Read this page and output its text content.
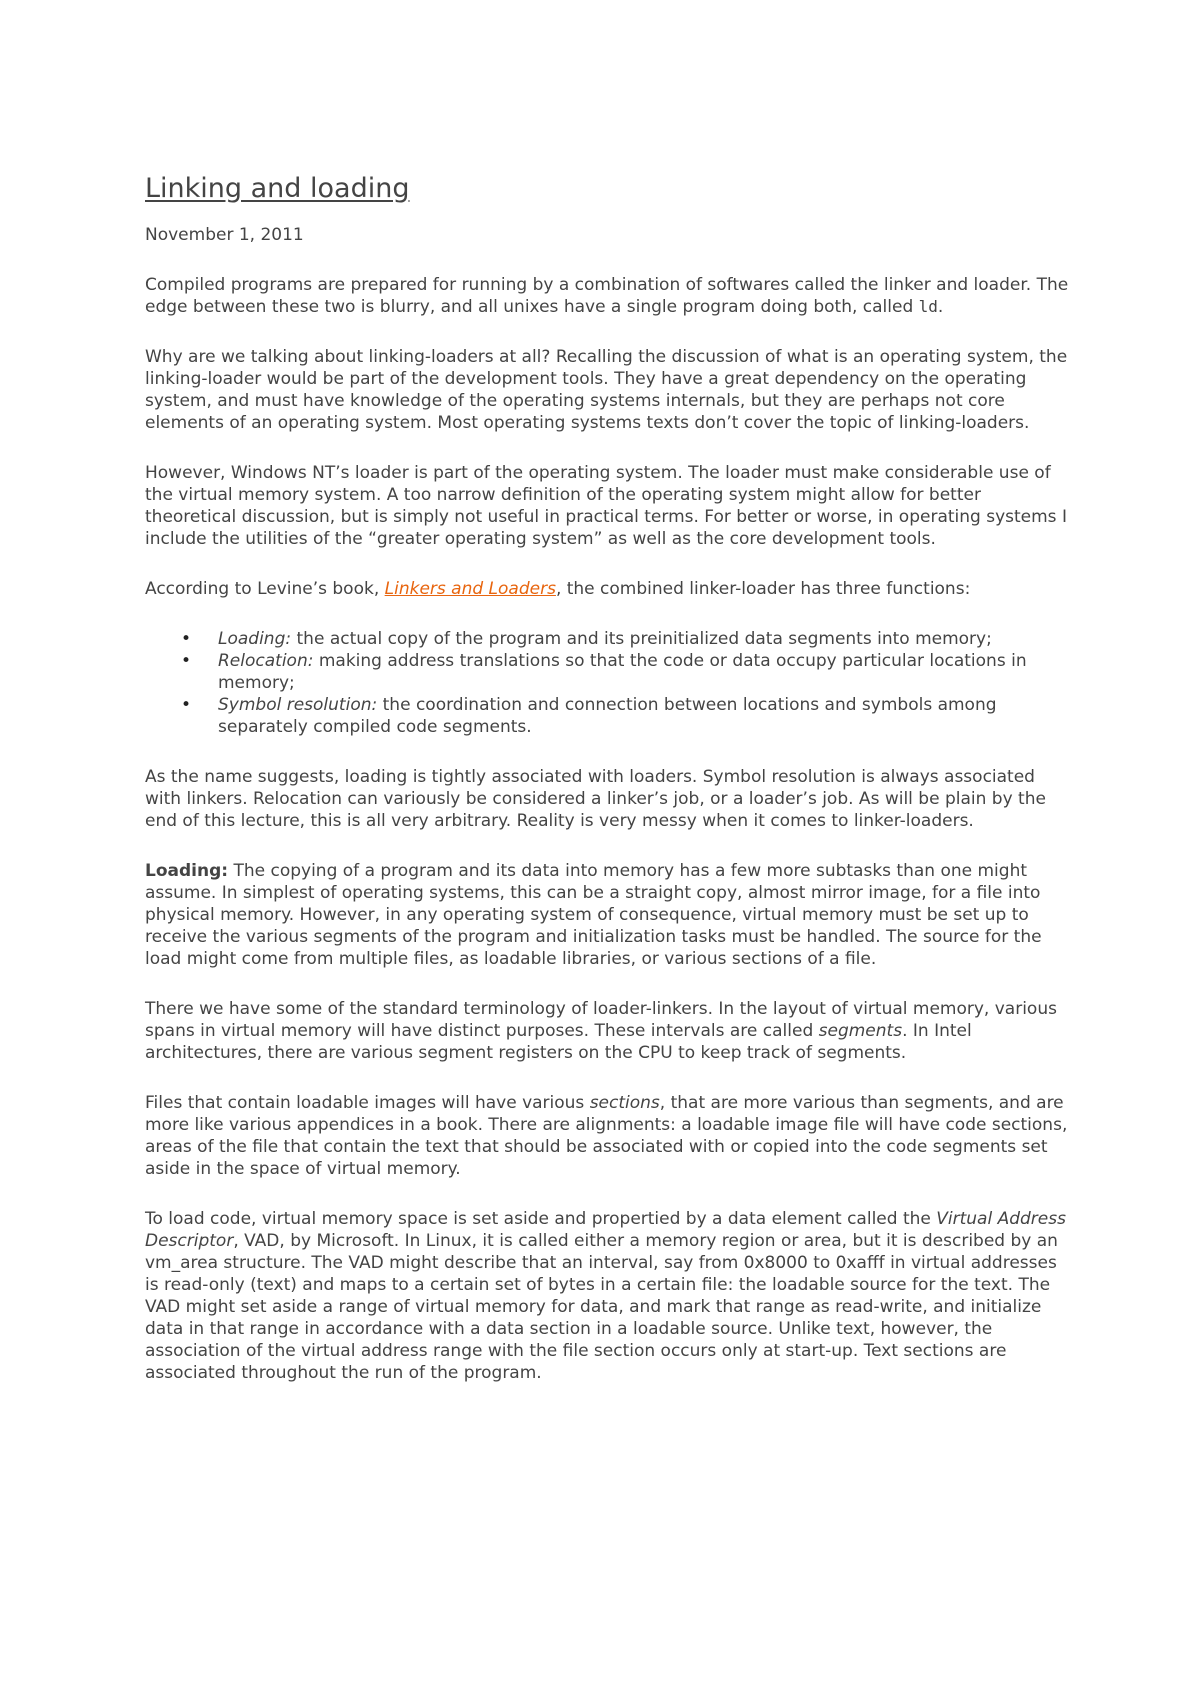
Linking and loading

November 1, 2011

Compiled programs are prepared for running by a combination of softwares called the linker and loader. The edge between these two is blurry, and all unixes have a single program doing both, called ld.

Why are we talking about linking-loaders at all? Recalling the discussion of what is an operating system, the linking-loader would be part of the development tools. They have a great dependency on the operating system, and must have knowledge of the operating systems internals, but they are perhaps not core elements of an operating system. Most operating systems texts don’t cover the topic of linking-loaders.

However, Windows NT’s loader is part of the operating system. The loader must make considerable use of the virtual memory system. A too narrow definition of the operating system might allow for better theoretical discussion, but is simply not useful in practical terms. For better or worse, in operating systems I include the utilities of the “greater operating system” as well as the core development tools.

According to Levine’s book, Linkers and Loaders, the combined linker-loader has three functions:

• Loading: the actual copy of the program and its preinitialized data segments into memory;
• Relocation: making address translations so that the code or data occupy particular locations in memory;
• Symbol resolution: the coordination and connection between locations and symbols among separately compiled code segments.

As the name suggests, loading is tightly associated with loaders. Symbol resolution is always associated with linkers. Relocation can variously be considered a linker’s job, or a loader’s job. As will be plain by the end of this lecture, this is all very arbitrary. Reality is very messy when it comes to linker-loaders.

Loading: The copying of a program and its data into memory has a few more subtasks than one might assume. In simplest of operating systems, this can be a straight copy, almost mirror image, for a file into physical memory. However, in any operating system of consequence, virtual memory must be set up to receive the various segments of the program and initialization tasks must be handled. The source for the load might come from multiple files, as loadable libraries, or various sections of a file.

There we have some of the standard terminology of loader-linkers. In the layout of virtual memory, various spans in virtual memory will have distinct purposes. These intervals are called segments. In Intel architectures, there are various segment registers on the CPU to keep track of segments.

Files that contain loadable images will have various sections, that are more various than segments, and are more like various appendices in a book. There are alignments: a loadable image file will have code sections, areas of the file that contain the text that should be associated with or copied into the code segments set aside in the space of virtual memory.

To load code, virtual memory space is set aside and propertied by a data element called the Virtual Address Descriptor, VAD, by Microsoft. In Linux, it is called either a memory region or area, but it is described by an vm_area structure. The VAD might describe that an interval, say from 0x8000 to 0xafff in virtual addresses is read-only (text) and maps to a certain set of bytes in a certain file: the loadable source for the text. The VAD might set aside a range of virtual memory for data, and mark that range as read-write, and initialize data in that range in accordance with a data section in a loadable source. Unlike text, however, the association of the virtual address range with the file section occurs only at start-up. Text sections are associated throughout the run of the program.
